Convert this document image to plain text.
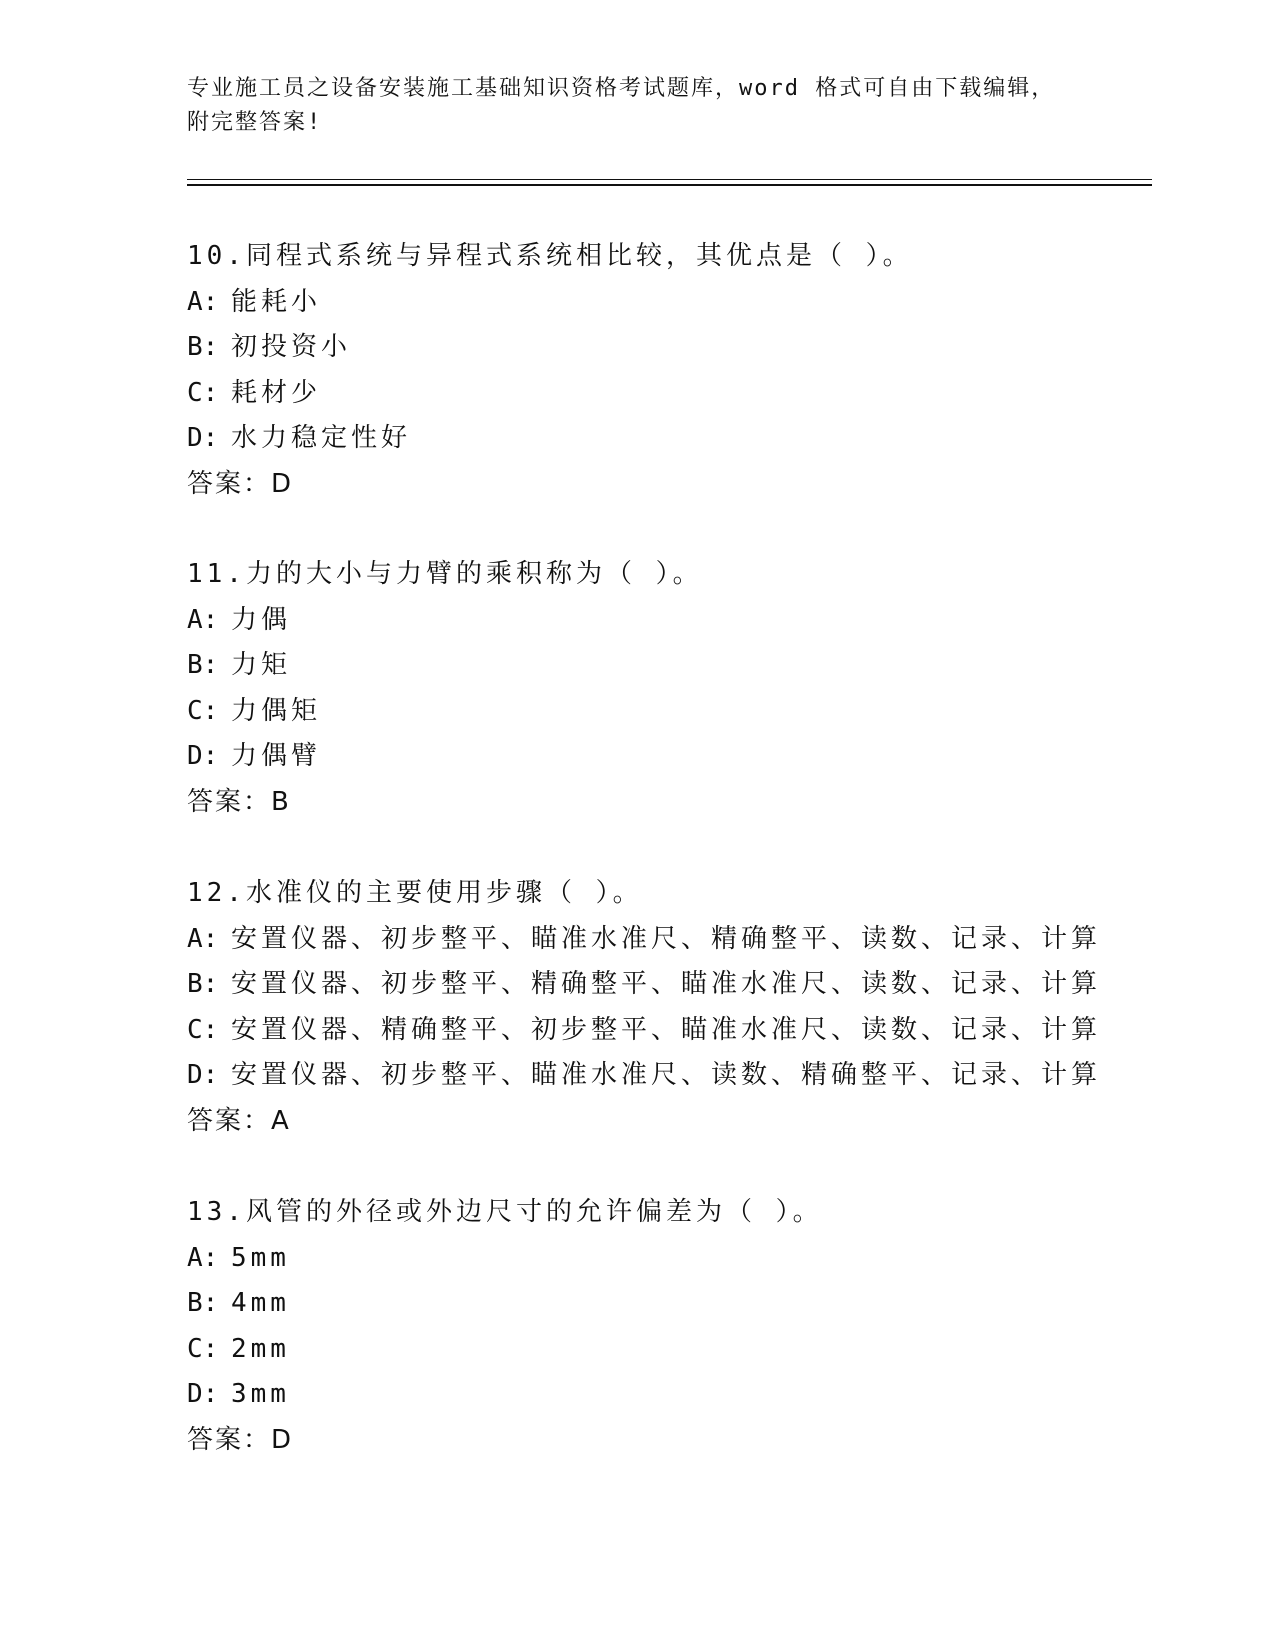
专业施工员之设备安装施工基础知识资格考试题库，word 格式可自由下载编辑，
附完整答案!
10.同程式系统与异程式系统相比较，其优点是（ ）。
A: 能耗小
B: 初投资小
C: 耗材少
D: 水力稳定性好
答案：D
11.力的大小与力臂的乘积称为（ ）。
A: 力偶
B: 力矩
C: 力偶矩
D: 力偶臂
答案：B
12.水准仪的主要使用步骤（ ）。
A: 安置仪器、初步整平、瞄准水准尺、精确整平、读数、记录、计算
B: 安置仪器、初步整平、精确整平、瞄准水准尺、读数、记录、计算
C: 安置仪器、精确整平、初步整平、瞄准水准尺、读数、记录、计算
D: 安置仪器、初步整平、瞄准水准尺、读数、精确整平、记录、计算
答案：A
13.风管的外径或外边尺寸的允许偏差为（ ）。
A: 5mm
B: 4mm
C: 2mm
D: 3mm
答案：D
